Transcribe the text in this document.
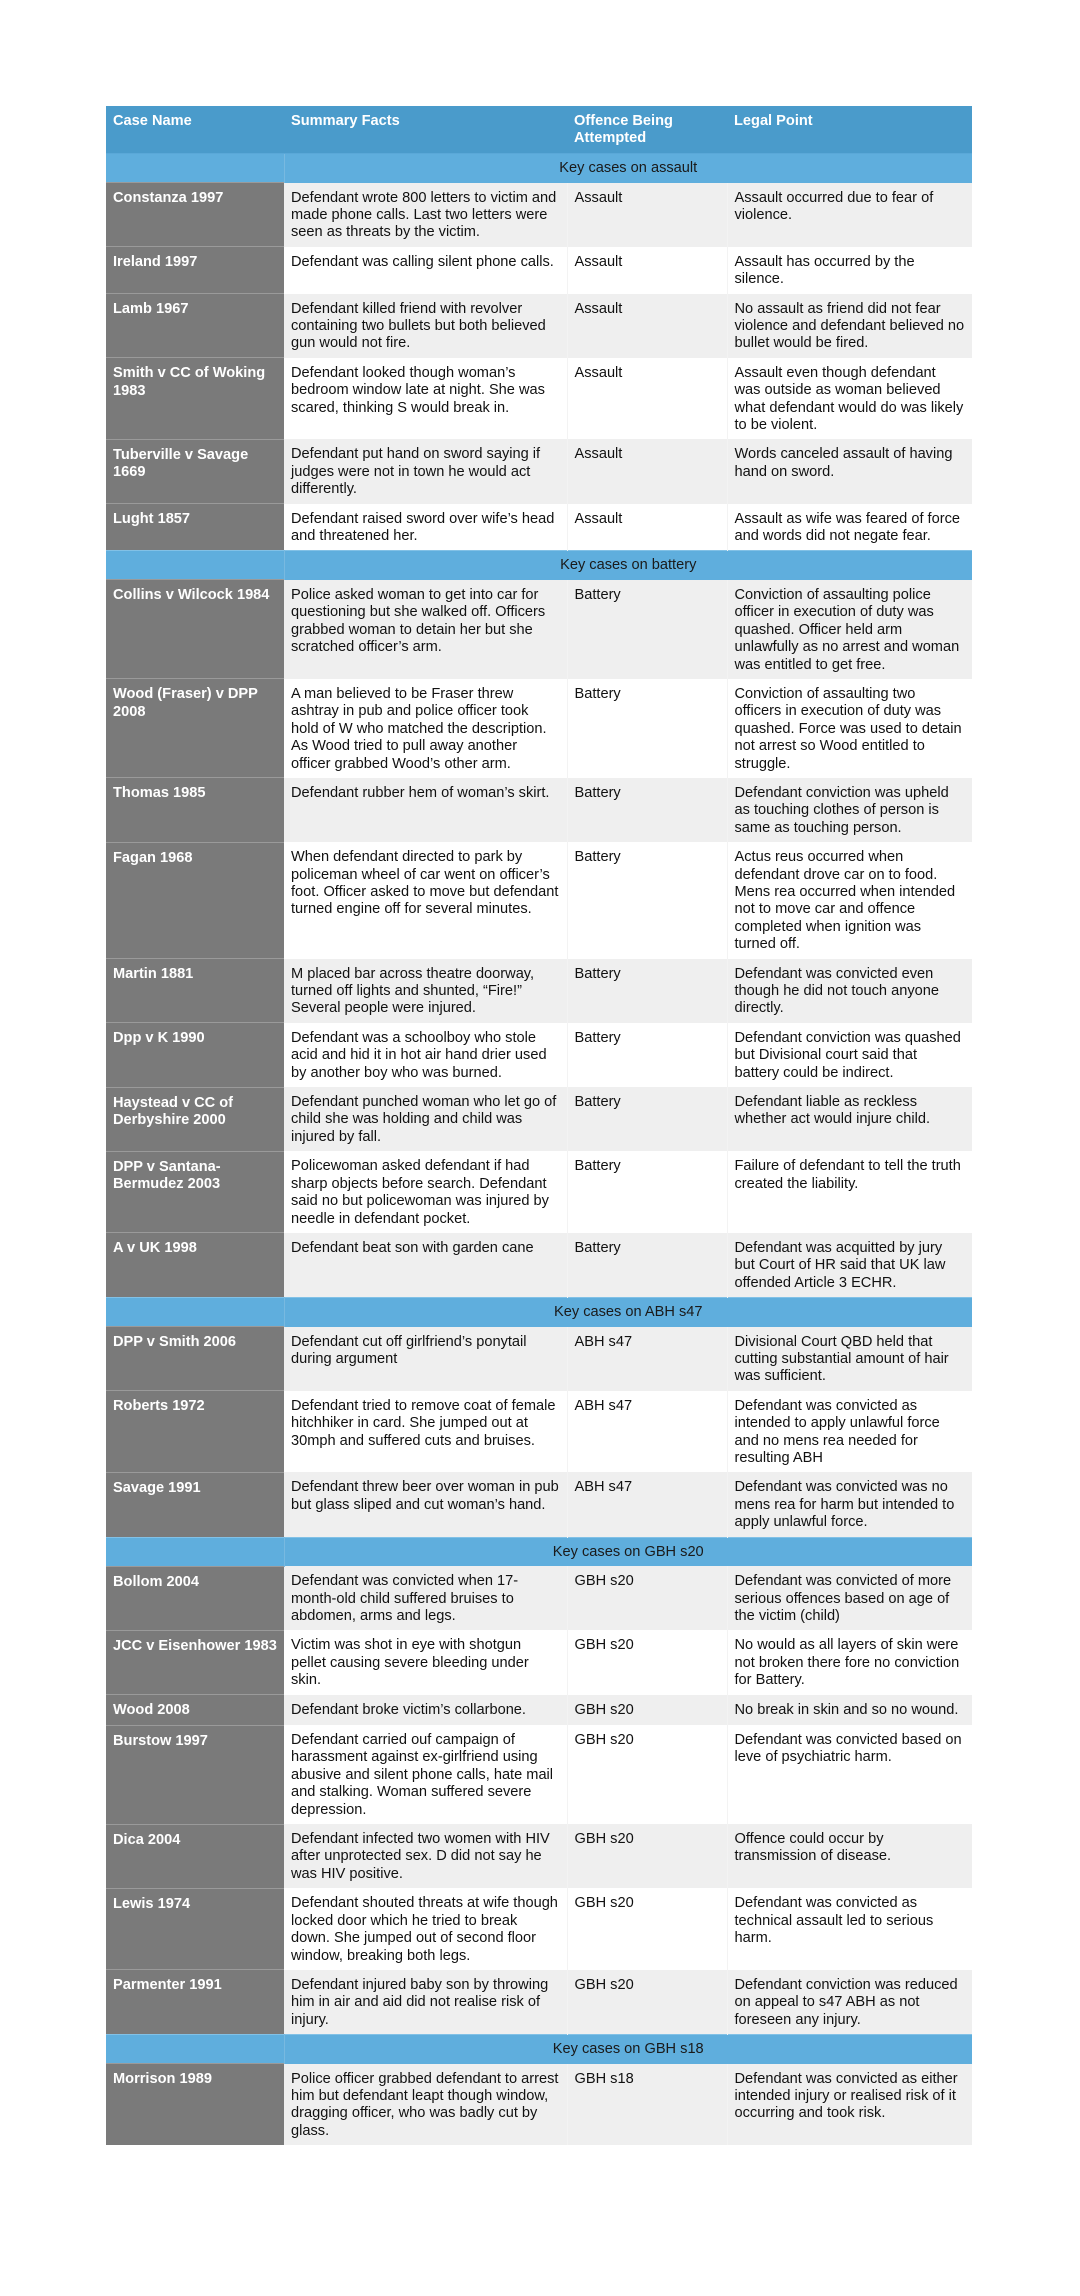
Case Name	Summary Facts	Offence Being Attempted	Legal Point
	Key cases on assault		
Constanza 1997	Defendant wrote 800 letters to victim and made phone calls. Last two letters were seen as threats by the victim.	Assault	Assault occurred due to fear of violence.
Ireland 1997	Defendant was calling silent phone calls.	Assault	Assault has occurred by the silence.
Lamb 1967	Defendant killed friend with revolver containing two bullets but both believed gun would not fire.	Assault	No assault as friend did not fear violence and defendant believed no bullet would be fired.
Smith v CC of Woking 1983	Defendant looked though woman’s bedroom window late at night. She was scared, thinking S would break in.	Assault	Assault even though defendant was outside as woman believed what defendant would do was likely to be violent.
Tuberville v Savage 1669	Defendant put hand on sword saying if judges were not in town he would act differently.	Assault	Words canceled assault of having hand on sword.
Lught 1857	Defendant raised sword over wife’s head and threatened her.	Assault	Assault as wife was feared of force and words did not negate fear.
	Key cases on battery		
Collins v Wilcock 1984	Police asked woman to get into car for questioning but she walked off. Officers grabbed woman to detain her but she scratched officer’s arm.	Battery	Conviction of assaulting police officer in execution of duty was quashed. Officer held arm unlawfully as no arrest and woman was entitled to get free.
Wood (Fraser) v DPP 2008	A man believed to be Fraser threw ashtray in pub and police officer took hold of W who matched the description. As Wood tried to pull away another officer grabbed Wood’s other arm.	Battery	Conviction of assaulting two officers in execution of duty was quashed. Force was used to detain not arrest so Wood entitled to struggle.
Thomas 1985	Defendant rubber hem of woman’s skirt.	Battery	Defendant conviction was upheld as touching clothes of person is same as touching person.
Fagan 1968	When defendant directed to park by policeman wheel of car went on officer’s foot. Officer asked to move but defendant turned engine off for several minutes.	Battery	Actus reus occurred when defendant drove car on to food. Mens rea occurred when intended not to move car and offence completed when ignition was turned off.
Martin 1881	M placed bar across theatre doorway, turned off lights and shunted, “Fire!” Several people were injured.	Battery	Defendant was convicted even though he did not touch anyone directly.
Dpp v K 1990	Defendant was a schoolboy who stole acid and hid it in hot air hand drier used by another boy who was burned.	Battery	Defendant conviction was quashed but Divisional court said that battery could be indirect.
Haystead v CC of Derbyshire 2000	Defendant punched woman who let go of child she was holding and child was injured by fall.	Battery	Defendant liable as reckless whether act would injure child.
DPP v Santana-Bermudez 2003	Policewoman asked defendant if had sharp objects before search. Defendant said no but policewoman was injured by needle in defendant pocket.	Battery	Failure of defendant to tell the truth created the liability.
A v UK 1998	Defendant beat son with garden cane	Battery	Defendant was acquitted by jury but Court of HR said that UK law offended Article 3 ECHR.
	Key cases on ABH s47		
DPP v Smith 2006	Defendant cut off girlfriend’s ponytail during argument	ABH s47	Divisional Court QBD held that cutting substantial amount of hair was sufficient.
Roberts 1972	Defendant tried to remove coat of female hitchhiker in card. She jumped out at 30mph and suffered cuts and bruises.	ABH s47	Defendant was convicted as intended to apply unlawful force and no mens rea needed for resulting ABH
Savage 1991	Defendant threw beer over woman in pub but glass sliped and cut woman’s hand.	ABH s47	Defendant was convicted was no mens rea for harm but intended to apply unlawful force.
	Key cases on GBH s20		
Bollom 2004	Defendant was convicted when 17-month-old child suffered bruises to abdomen, arms and legs.	GBH s20	Defendant was convicted of more serious offences based on age of the victim (child)
JCC v Eisenhower 1983	Victim was shot in eye with shotgun pellet causing severe bleeding under skin.	GBH s20	No would as all layers of skin were not broken there fore no conviction for Battery.
Wood 2008	Defendant broke victim’s collarbone.	GBH s20	No break in skin and so no wound.
Burstow 1997	Defendant carried ouf campaign of harassment against ex-girlfriend using abusive and silent phone calls, hate mail and stalking. Woman suffered severe depression.	GBH s20	Defendant was convicted based on leve of psychiatric harm.
Dica 2004	Defendant infected two women with HIV after unprotected sex. D did not say he was HIV positive.	GBH s20	Offence could occur by transmission of disease.
Lewis 1974	Defendant shouted threats at wife though locked door which he tried to break down. She jumped out of second floor window, breaking both legs.	GBH s20	Defendant was convicted as technical assault led to serious harm.
Parmenter 1991	Defendant injured baby son by throwing him in air and aid did not realise risk of injury.	GBH s20	Defendant conviction was reduced on appeal to s47 ABH as not foreseen any injury.
	Key cases on GBH s18		
Morrison 1989	Police officer grabbed defendant to arrest him but defendant leapt though window, dragging officer, who was badly cut by glass.	GBH s18	Defendant was convicted as either intended injury or realised risk of it occurring and took risk.
